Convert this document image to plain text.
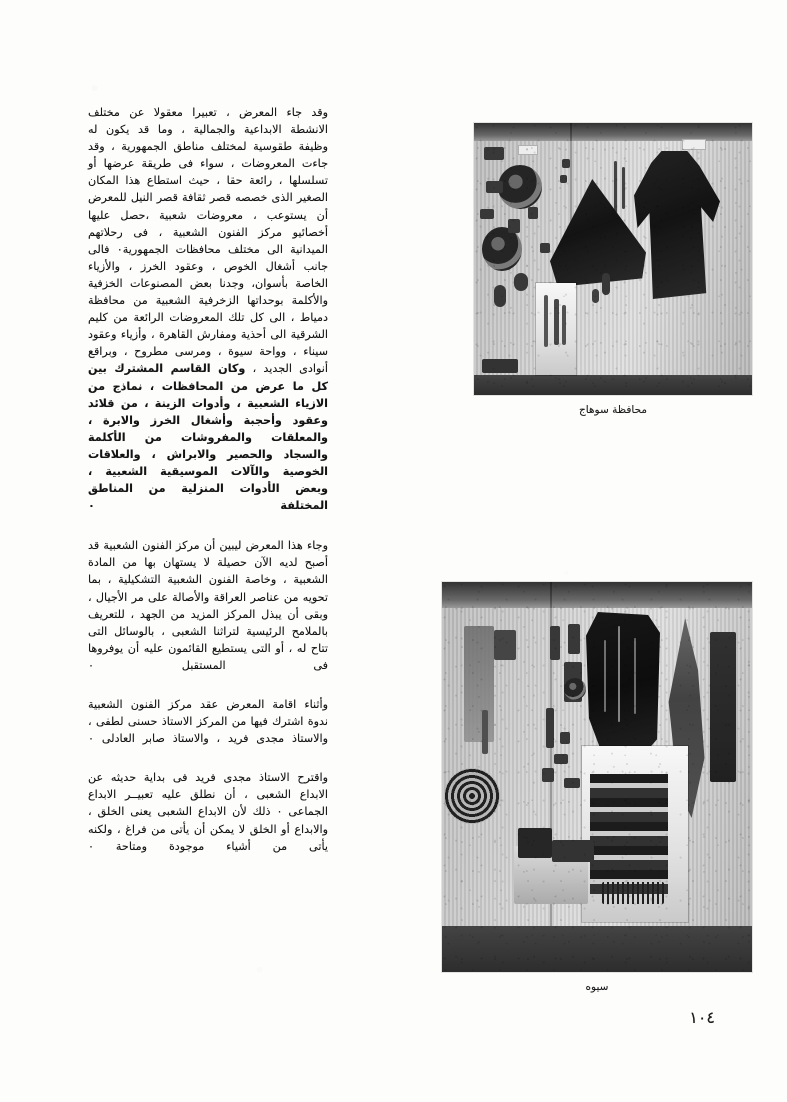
وقد جاء المعرض ، تعبيرا معقولا عن مختلف الانشطة الابداعية والجمالية ، وما قد يكون له وظيفة طقوسية لمختلف مناطق الجمهورية ، وقد جاءت المعروضات ، سواء فى طريقة عرضها أو تسلسلها ، رائعة حقا ، حيث استطاع هذا المكان الصغير الذى خصصه قصر ثقافة قصر النيل للمعرض أن يستوعب ، معروضات شعبية ،حصل عليها أخصائيو مركز الفنون الشعبية ، فى رحلاتهم الميدانية الى مختلف محافظات الجمهورية٠ فالى جانب أشغال الخوص ، وعقود الخرز ، والأزياء الخاصة بأسوان، وجدنا بعض المصنوعات الخزفية والأكلمة بوحداتها الزخرفية الشعبية من محافظة دمياط ، الى كل تلك المعروضات الرائعة من كليم الشرقية الى أحذية ومفارش القاهرة ، وأزياء وعقود سيناء ، وواحة سيوة ، ومرسى مطروح ، وبراقع أنوادى الجديد ، وكان القاسم المشترك بين كل ما عرض من المحافظات ، نماذج من الازياء الشعبية ، وأدوات الزينة ، من قلائد وعقود وأحجبة وأشغال الخرز والابرة ، والمعلقات والمفروشات من الأكلمة والسجاد والحصير والابراش ، والعلاقات الخوصية والآلات الموسيقية الشعبية ، وبعض الأدوات المنزلية من المناطق المختلفة ٠

وجاء هذا المعرض ليبين أن مركز الفنون الشعبية قد أصبح لديه الآن حصيلة لا يستهان بها من المادة الشعبية ، وخاصة الفنون الشعبية التشكيلية ، بما تحويه من عناصر العراقة والأصالة على مر الأجيال ، وبقى أن يبذل المركز المزيد من الجهد ، للتعريف بالملامح الرئيسية لتراثنا الشعبى ، بالوسائل التى تتاح له ، أو التى يستطيع القائمون عليه أن يوفروها فى المستقبل ٠

وأثناء اقامة المعرض عقد مركز الفنون الشعبية ندوة اشترك فيها من المركز الاستاذ حسنى لطفى ، والاستاذ مجدى فريد ، والاستاذ صابر العادلى ٠

واقترح الاستاذ مجدى فريد فى بداية حديثه عن الابداع الشعبى ، أن نطلق عليه تعبيــر الابداع الجماعى ٠ ذلك لأن الابداع الشعبى يعنى الخلق ، والابداع أو الخلق لا يمكن أن يأتى من فراغ ، ولكنه يأتى من أشياء موجودة ومتاحة ٠

محافظة سوهاج
سيوه
١٠٤
